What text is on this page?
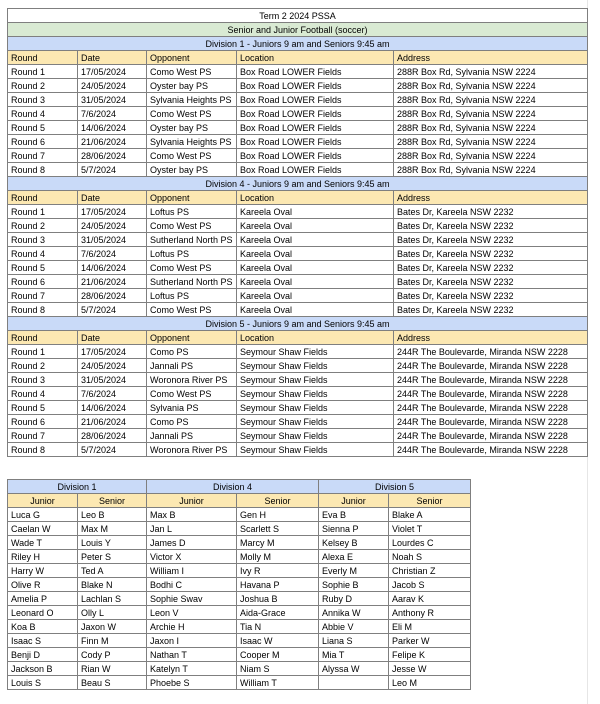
Term 2 2024 PSSA				
Senior and Junior Football (soccer)				
Division 1 - Juniors 9 am and Seniors 9:45 am				
Round	Date	Opponent	Location	Address
Round 1	17/05/2024	Como West PS	Box Road LOWER Fields	288R Box Rd, Sylvania NSW 2224
Round 2	24/05/2024	Oyster bay PS	Box Road LOWER Fields	288R Box Rd, Sylvania NSW 2224
Round 3	31/05/2024	Sylvania Heights PS	Box Road LOWER Fields	288R Box Rd, Sylvania NSW 2224
Round 4	7/6/2024	Como West PS	Box Road LOWER Fields	288R Box Rd, Sylvania NSW 2224
Round 5	14/06/2024	Oyster bay PS	Box Road LOWER Fields	288R Box Rd, Sylvania NSW 2224
Round 6	21/06/2024	Sylvania Heights PS	Box Road LOWER Fields	288R Box Rd, Sylvania NSW 2224
Round 7	28/06/2024	Como West PS	Box Road LOWER Fields	288R Box Rd, Sylvania NSW 2224
Round 8	5/7/2024	Oyster bay PS	Box Road LOWER Fields	288R Box Rd, Sylvania NSW 2224
Division 4 - Juniors 9 am and Seniors 9:45 am				
Round	Date	Opponent	Location	Address
Round 1	17/05/2024	Loftus PS	Kareela Oval	Bates Dr, Kareela NSW 2232
Round 2	24/05/2024	Como West PS	Kareela Oval	Bates Dr, Kareela NSW 2232
Round 3	31/05/2024	Sutherland North PS	Kareela Oval	Bates Dr, Kareela NSW 2232
Round 4	7/6/2024	Loftus PS	Kareela Oval	Bates Dr, Kareela NSW 2232
Round 5	14/06/2024	Como West PS	Kareela Oval	Bates Dr, Kareela NSW 2232
Round 6	21/06/2024	Sutherland North PS	Kareela Oval	Bates Dr, Kareela NSW 2232
Round 7	28/06/2024	Loftus PS	Kareela Oval	Bates Dr, Kareela NSW 2232
Round 8	5/7/2024	Como West PS	Kareela Oval	Bates Dr, Kareela NSW 2232
Division 5 - Juniors 9 am and Seniors 9:45 am				
Round	Date	Opponent	Location	Address
Round 1	17/05/2024	Como PS	Seymour Shaw Fields	244R The Boulevarde, Miranda NSW 2228
Round 2	24/05/2024	Jannali PS	Seymour Shaw Fields	244R The Boulevarde, Miranda NSW 2228
Round 3	31/05/2024	Woronora River PS	Seymour Shaw Fields	244R The Boulevarde, Miranda NSW 2228
Round 4	7/6/2024	Como West PS	Seymour Shaw Fields	244R The Boulevarde, Miranda NSW 2228
Round 5	14/06/2024	Sylvania PS	Seymour Shaw Fields	244R The Boulevarde, Miranda NSW 2228
Round 6	21/06/2024	Como PS	Seymour Shaw Fields	244R The Boulevarde, Miranda NSW 2228
Round 7	28/06/2024	Jannali PS	Seymour Shaw Fields	244R The Boulevarde, Miranda NSW 2228
Round 8	5/7/2024	Woronora River PS	Seymour Shaw Fields	244R The Boulevarde, Miranda NSW 2228
Division 1		Division 4		Division 5	
Junior	Senior	Junior	Senior	Junior	Senior
Luca G	Leo B	Max B	Gen H	Eva B	Blake A
Caelan W	Max M	Jan L	Scarlett S	Sienna P	Violet T
Wade T	Louis Y	James D	Marcy M	Kelsey B	Lourdes C
Riley H	Peter S	Victor X	Molly M	Alexa E	Noah S
Harry W	Ted A	William I	Ivy R	Everly M	Christian Z
Olive R	Blake N	Bodhi C	Havana P	Sophie B	Jacob S
Amelia P	Lachlan S	Sophie Swav	Joshua B	Ruby D	Aarav K
Leonard O	Olly L	Leon V	Aida-Grace	Annika W	Anthony R
Koa B	Jaxon W	Archie H	Tia N	Abbie V	Eli M
Isaac S	Finn M	Jaxon I	Isaac W	Liana S	Parker W
Benji D	Cody P	Nathan T	Cooper M	Mia T	Felipe K
Jackson B	Rian W	Katelyn T	Niam S	Alyssa W	Jesse W
Louis S	Beau S	Phoebe S	William T		Leo M
